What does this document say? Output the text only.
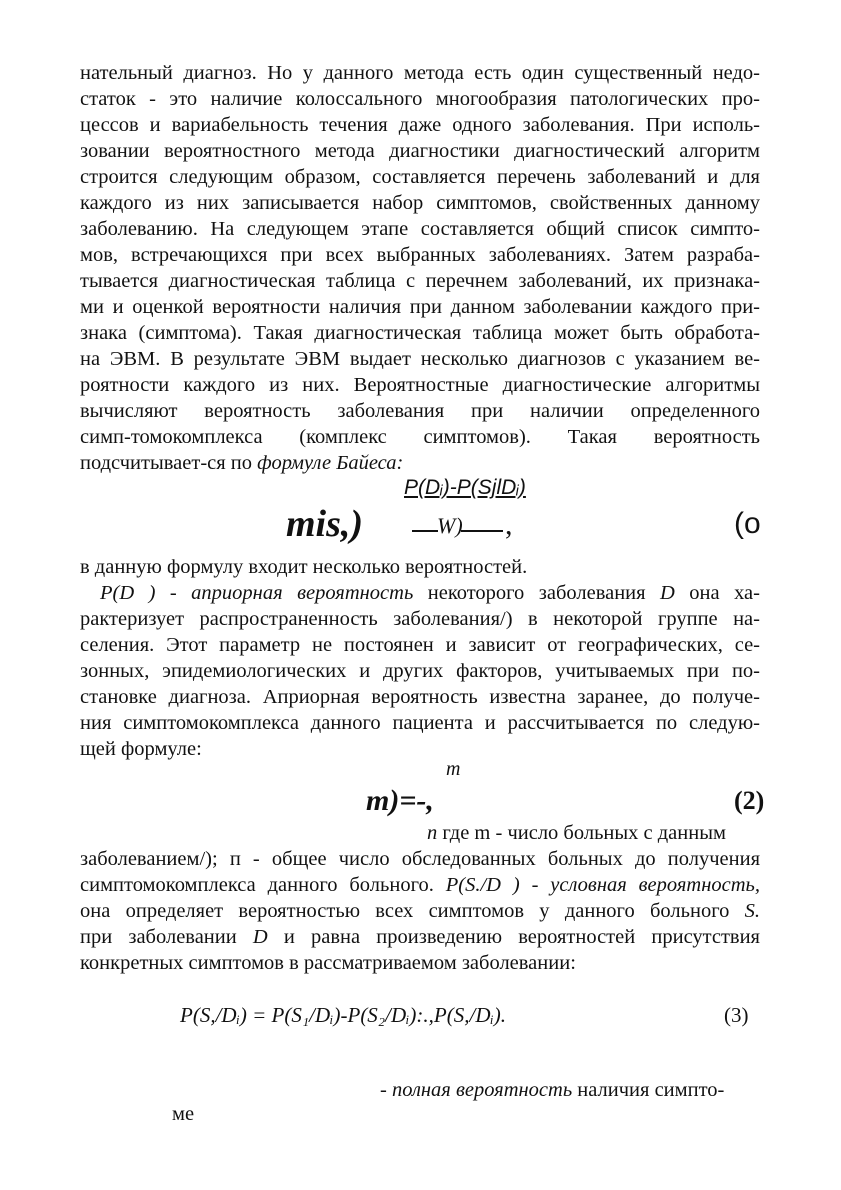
нательный диагноз. Но у данного метода есть один существенный недо-
статок - это наличие колоссального многообразия патологических про-
цессов и вариабельность течения даже одного заболевания. При исполь-
зовании вероятностного метода диагностики диагностический алгоритм
строится следующим образом, составляется перечень заболеваний и для
каждого из них записывается набор симптомов, свойственных данному
заболеванию. На следующем этапе составляется общий список симпто-
мов, встречающихся при всех выбранных заболеваниях. Затем разраба-
тывается диагностическая таблица с перечнем заболеваний, их признака-
ми и оценкой вероятности наличия при данном заболевании каждого при-
знака (симптома). Такая диагностическая таблица может быть обработа-
на ЭВМ. В результате ЭВМ выдает несколько диагнозов с указанием ве-
роятности каждого из них. Вероятностные диагностические алгоритмы
вычисляют вероятность заболевания при наличии определенного
симп-томокомплекса (комплекс симптомов). Такая вероятность
подсчитывает-ся по формуле Байеса:
P(Dᵢ)-P(SjlDᵢ)
mis,)	W) ,	(o
в данную формулу входит несколько вероятностей.
P(D ) - априорная вероятность некоторого заболевания D она ха-
рактеризует распространенность заболевания/) в некоторой группе на-
селения. Этот параметр не постоянен и зависит от географических, се-
зонных, эпидемиологических и других факторов, учитываемых при по-
становке диагноза. Априорная вероятность известна заранее, до получе-
ния симптомокомплекса данного пациента и рассчитывается по следую-
щей формуле:
m
m)=-,	(2)
n где m - число больных с данным
заболеванием/); п - общее число обследованных больных до получения
симптомокомплекса данного больного. P(S./D ) - условная вероятность,
она определяет вероятностью всех симптомов у данного больного S.
при заболевании D и равна произведению вероятностей присутствия
конкретных симптомов в рассматриваемом заболевании:
P(S,/Dᵢ) = P(S₁/Dᵢ)-P(S₂/Dᵢ):.,P(S,/Dᵢ).	(3)
- полная вероятность наличия симпто-
ме
